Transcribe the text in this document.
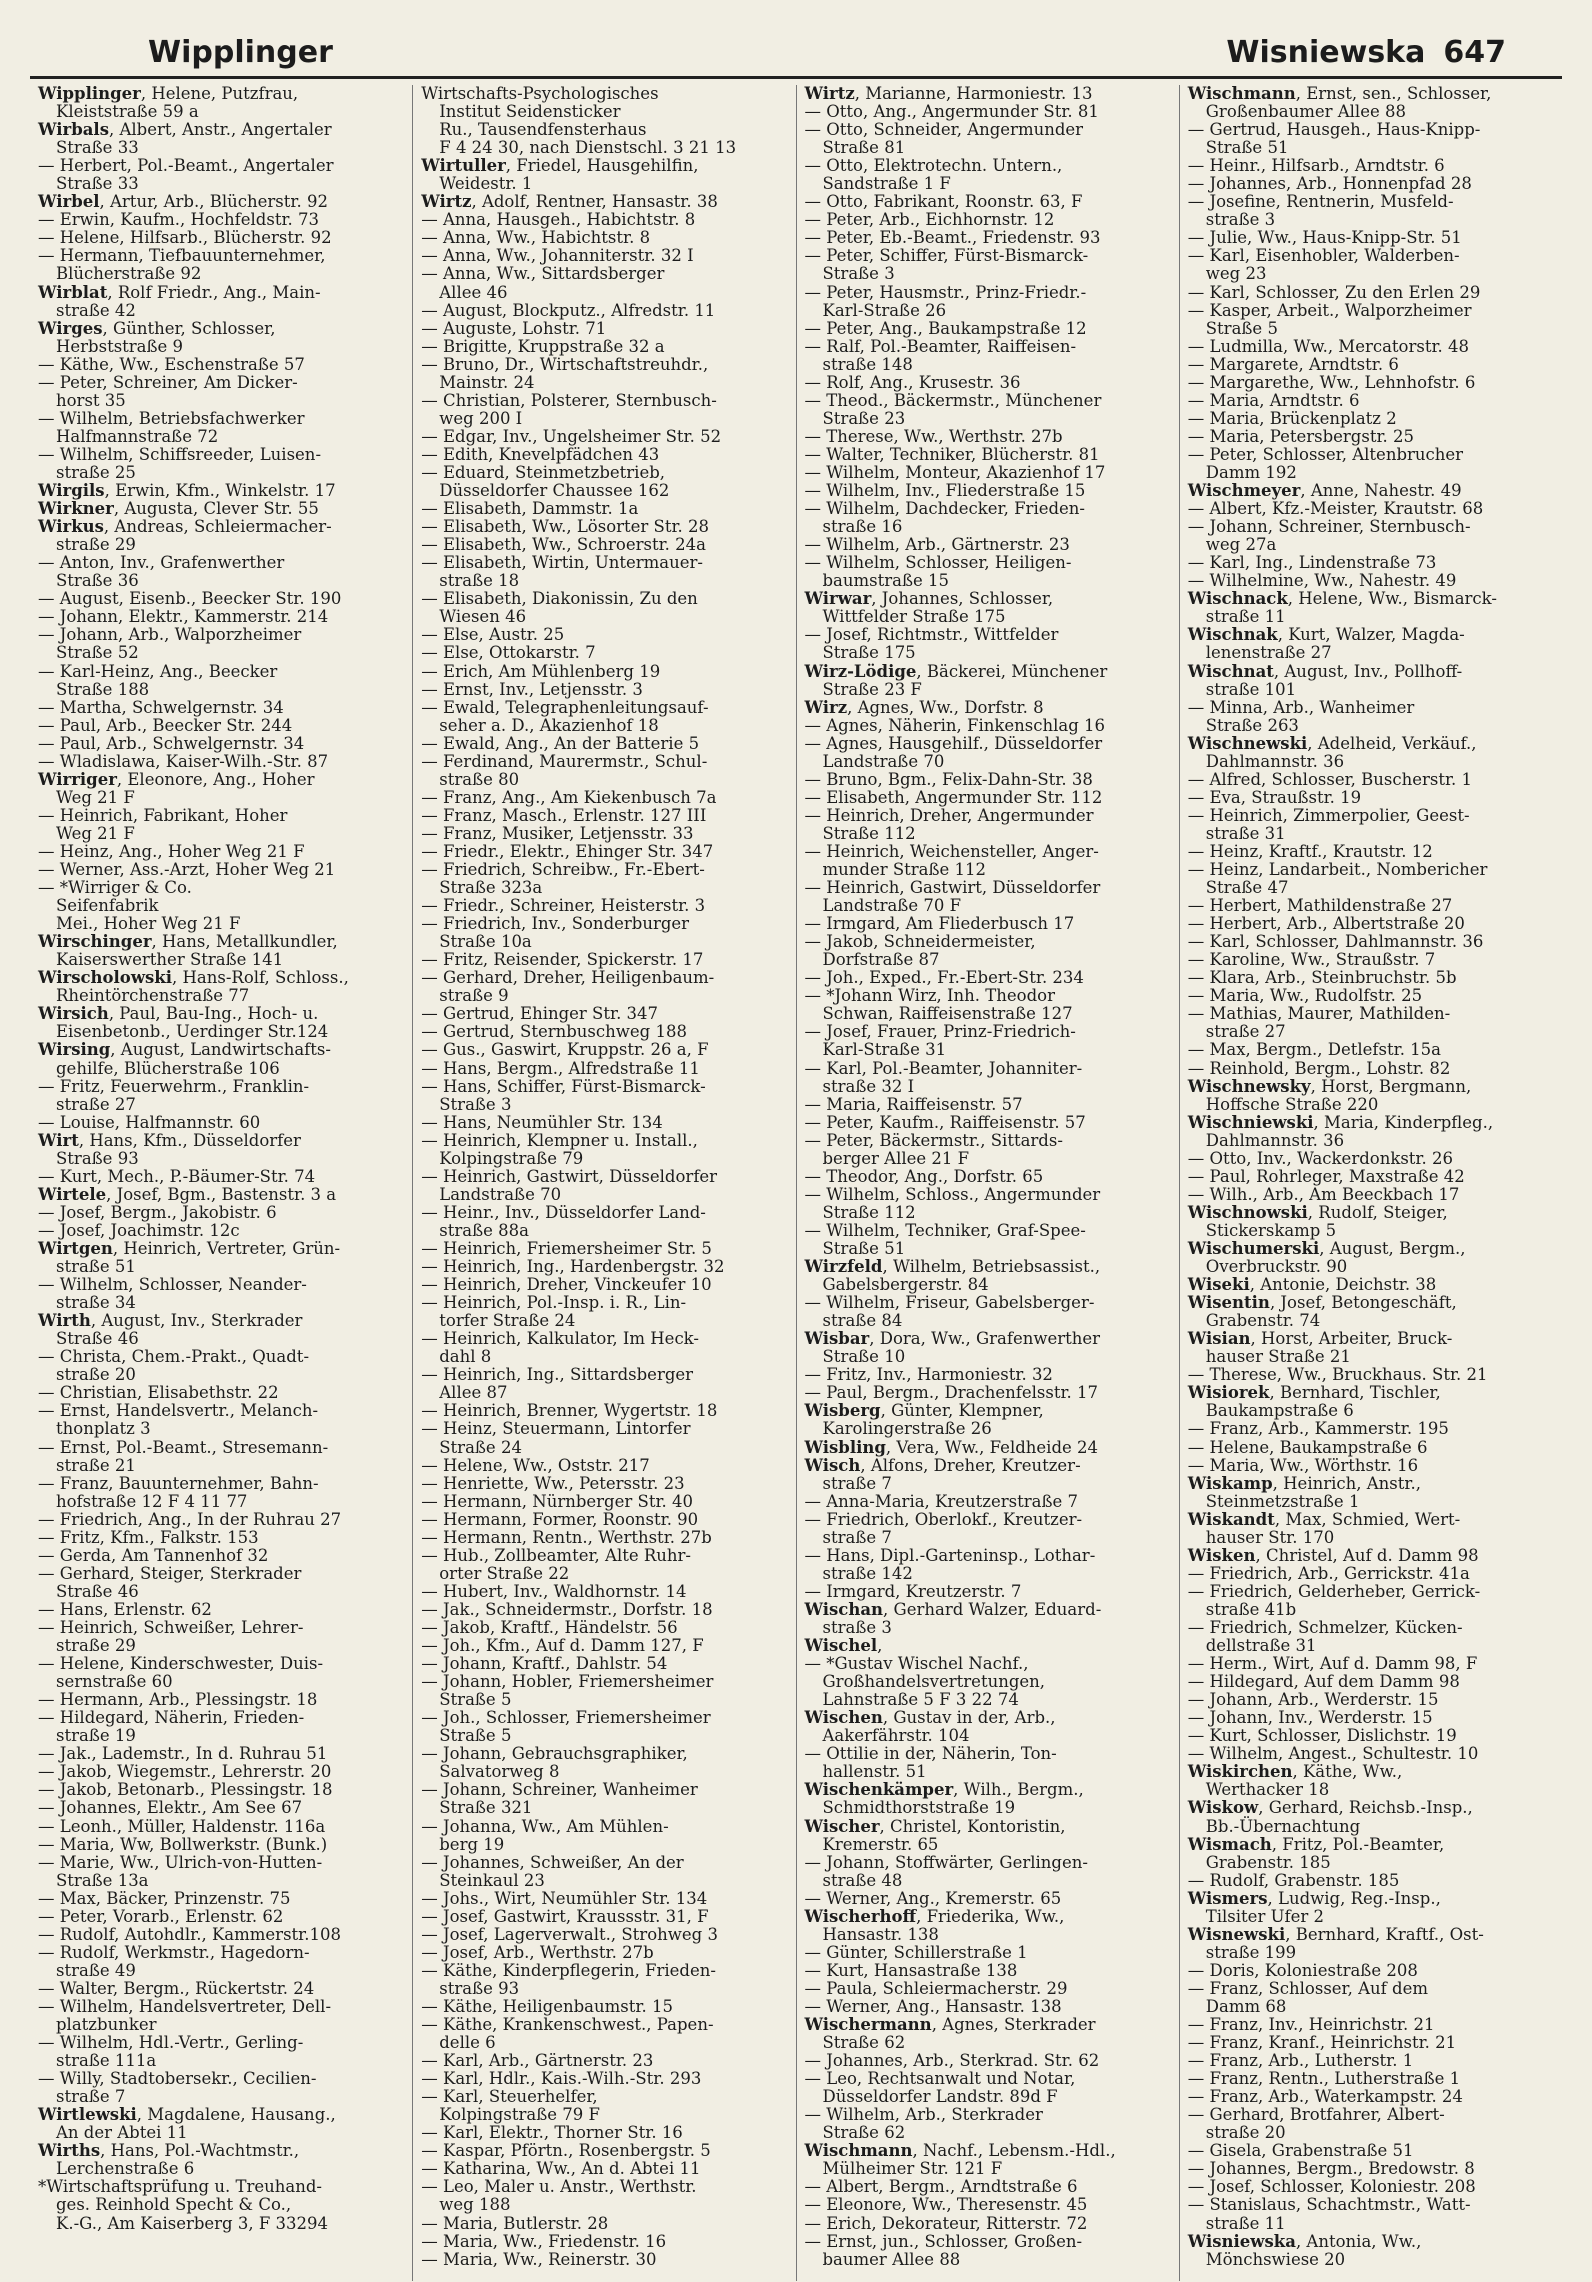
Wipplinger	Wisniewska 647
Wipplinger, Helene, Putzfrau,
Kleiststraße 59 a
Wirbals, Albert, Anstr., Angertaler
Straße 33
— Herbert, Pol.-Beamt., Angertaler
Straße 33
Wirbel, Artur, Arb., Blücherstr. 92
— Erwin, Kaufm., Hochfeldstr. 73
— Helene, Hilfsarb., Blücherstr. 92
— Hermann, Tiefbauunternehmer,
Blücherstraße 92
Wirblat, Rolf Friedr., Ang., Main-
straße 42
Wirges, Günther, Schlosser,
Herbststraße 9
— Käthe, Ww., Eschenstraße 57
— Peter, Schreiner, Am Dicker-
horst 35
— Wilhelm, Betriebsfachwerker
Halfmannstraße 72
— Wilhelm, Schiffsreeder, Luisen-
straße 25
Wirgils, Erwin, Kfm., Winkelstr. 17
Wirkner, Augusta, Clever Str. 55
Wirkus, Andreas, Schleiermacher-
straße 29
— Anton, Inv., Grafenwerther
Straße 36
— August, Eisenb., Beecker Str. 190
— Johann, Elektr., Kammerstr. 214
— Johann, Arb., Walporzheimer
Straße 52
— Karl-Heinz, Ang., Beecker
Straße 188
— Martha, Schwelgernstr. 34
— Paul, Arb., Beecker Str. 244
— Paul, Arb., Schwelgernstr. 34
— Wladislawa, Kaiser-Wilh.-Str. 87
Wirriger, Eleonore, Ang., Hoher
Weg 21 F
— Heinrich, Fabrikant, Hoher
Weg 21 F
— Heinz, Ang., Hoher Weg 21 F
— Werner, Ass.-Arzt, Hoher Weg 21
— *Wirriger & Co.
Seifenfabrik
Mei., Hoher Weg 21 F
Wirschinger, Hans, Metallkundler,
Kaiserswerther Straße 141
Wirscholowski, Hans-Rolf, Schloss.,
Rheintörchenstraße 77
Wirsich, Paul, Bau-Ing., Hoch- u.
Eisenbetonb., Uerdinger Str.124
Wirsing, August, Landwirtschafts-
gehilfe, Blücherstraße 106
— Fritz, Feuerwehrm., Franklin-
straße 27
— Louise, Halfmannstr. 60
Wirt, Hans, Kfm., Düsseldorfer
Straße 93
— Kurt, Mech., P.-Bäumer-Str. 74
Wirtele, Josef, Bgm., Bastenstr. 3 a
— Josef, Bergm., Jakobistr. 6
— Josef, Joachimstr. 12c
Wirtgen, Heinrich, Vertreter, Grün-
straße 51
— Wilhelm, Schlosser, Neander-
straße 34
Wirth, August, Inv., Sterkrader
Straße 46
— Christa, Chem.-Prakt., Quadt-
straße 20
— Christian, Elisabethstr. 22
— Ernst, Handelsvertr., Melanch-
thonplatz 3
— Ernst, Pol.-Beamt., Stresemann-
straße 21
— Franz, Bauunternehmer, Bahn-
hofstraße 12 F 4 11 77
— Friedrich, Ang., In der Ruhrau 27
— Fritz, Kfm., Falkstr. 153
— Gerda, Am Tannenhof 32
— Gerhard, Steiger, Sterkrader
Straße 46
— Hans, Erlenstr. 62
— Heinrich, Schweißer, Lehrer-
straße 29
— Helene, Kinderschwester, Duis-
sernstraße 60
— Hermann, Arb., Plessingstr. 18
— Hildegard, Näherin, Frieden-
straße 19
— Jak., Lademstr., In d. Ruhrau 51
— Jakob, Wiegemstr., Lehrerstr. 20
— Jakob, Betonarb., Plessingstr. 18
— Johannes, Elektr., Am See 67
— Leonh., Müller, Haldenstr. 116a
— Maria, Ww, Bollwerkstr. (Bunk.)
— Marie, Ww., Ulrich-von-Hutten-
Straße 13a
— Max, Bäcker, Prinzenstr. 75
— Peter, Vorarb., Erlenstr. 62
— Rudolf, Autohdlr., Kammerstr.108
— Rudolf, Werkmstr., Hagedorn-
straße 49
— Walter, Bergm., Rückertstr. 24
— Wilhelm, Handelsvertreter, Dell-
platzbunker
— Wilhelm, Hdl.-Vertr., Gerling-
straße 111a
— Willy, Stadtobersekr., Cecilien-
straße 7
Wirtlewski, Magdalene, Hausang.,
An der Abtei 11
Wirths, Hans, Pol.-Wachtmstr.,
Lerchenstraße 6
*Wirtschaftsprüfung u. Treuhand-
ges. Reinhold Specht & Co.,
K.-G., Am Kaiserberg 3, F 33294
Wirtschafts-Psychologisches
Institut Seidensticker
Ru., Tausendfensterhaus
F 4 24 30, nach Dienstschl. 3 21 13
Wirtuller, Friedel, Hausgehilfin,
Weidestr. 1
Wirtz, Adolf, Rentner, Hansastr. 38
— Anna, Hausgeh., Habichtstr. 8
— Anna, Ww., Habichtstr. 8
— Anna, Ww., Johanniterstr. 32 I
— Anna, Ww., Sittardsberger
Allee 46
— August, Blockputz., Alfredstr. 11
— Auguste, Lohstr. 71
— Brigitte, Kruppstraße 32 a
— Bruno, Dr., Wirtschaftstreuhdr.,
Mainstr. 24
— Christian, Polsterer, Sternbusch-
weg 200 I
— Edgar, Inv., Ungelsheimer Str. 52
— Edith, Knevelpfädchen 43
— Eduard, Steinmetzbetrieb,
Düsseldorfer Chaussee 162
— Elisabeth, Dammstr. 1a
— Elisabeth, Ww., Lösorter Str. 28
— Elisabeth, Ww., Schroerstr. 24a
— Elisabeth, Wirtin, Untermauer-
straße 18
— Elisabeth, Diakonissin, Zu den
Wiesen 46
— Else, Austr. 25
— Else, Ottokarstr. 7
— Erich, Am Mühlenberg 19
— Ernst, Inv., Letjensstr. 3
— Ewald, Telegraphenleitungsauf-
seher a. D., Akazienhof 18
— Ewald, Ang., An der Batterie 5
— Ferdinand, Maurermstr., Schul-
straße 80
— Franz, Ang., Am Kiekenbusch 7a
— Franz, Masch., Erlenstr. 127 III
— Franz, Musiker, Letjensstr. 33
— Friedr., Elektr., Ehinger Str. 347
— Friedrich, Schreibw., Fr.-Ebert-
Straße 323a
— Friedr., Schreiner, Heisterstr. 3
— Friedrich, Inv., Sonderburger
Straße 10a
— Fritz, Reisender, Spickerstr. 17
— Gerhard, Dreher, Heiligenbaum-
straße 9
— Gertrud, Ehinger Str. 347
— Gertrud, Sternbuschweg 188
— Gus., Gaswirt, Kruppstr. 26 a, F
— Hans, Bergm., Alfredstraße 11
— Hans, Schiffer, Fürst-Bismarck-
Straße 3
— Hans, Neumühler Str. 134
— Heinrich, Klempner u. Install.,
Kolpingstraße 79
— Heinrich, Gastwirt, Düsseldorfer
Landstraße 70
— Heinr., Inv., Düsseldorfer Land-
straße 88a
— Heinrich, Friemersheimer Str. 5
— Heinrich, Ing., Hardenbergstr. 32
— Heinrich, Dreher, Vinckeufer 10
— Heinrich, Pol.-Insp. i. R., Lin-
torfer Straße 24
— Heinrich, Kalkulator, Im Heck-
dahl 8
— Heinrich, Ing., Sittardsberger
Allee 87
— Heinrich, Brenner, Wygertstr. 18
— Heinz, Steuermann, Lintorfer
Straße 24
— Helene, Ww., Oststr. 217
— Henriette, Ww., Petersstr. 23
— Hermann, Nürnberger Str. 40
— Hermann, Former, Roonstr. 90
— Hermann, Rentn., Werthstr. 27b
— Hub., Zollbeamter, Alte Ruhr-
orter Straße 22
— Hubert, Inv., Waldhornstr. 14
— Jak., Schneidermstr., Dorfstr. 18
— Jakob, Kraftf., Händelstr. 56
— Joh., Kfm., Auf d. Damm 127, F
— Johann, Kraftf., Dahlstr. 54
— Johann, Hobler, Friemersheimer
Straße 5
— Joh., Schlosser, Friemersheimer
Straße 5
— Johann, Gebrauchsgraphiker,
Salvatorweg 8
— Johann, Schreiner, Wanheimer
Straße 321
— Johanna, Ww., Am Mühlen-
berg 19
— Johannes, Schweißer, An der
Steinkaul 23
— Johs., Wirt, Neumühler Str. 134
— Josef, Gastwirt, Kraussstr. 31, F
— Josef, Lagerverwalt., Strohweg 3
— Josef, Arb., Werthstr. 27b
— Käthe, Kinderpflegerin, Frieden-
straße 93
— Käthe, Heiligenbaumstr. 15
— Käthe, Krankenschwest., Papen-
delle 6
— Karl, Arb., Gärtnerstr. 23
— Karl, Hdlr., Kais.-Wilh.-Str. 293
— Karl, Steuerhelfer,
Kolpingstraße 79 F
— Karl, Elektr., Thorner Str. 16
— Kaspar, Pförtn., Rosenbergstr. 5
— Katharina, Ww., An d. Abtei 11
— Leo, Maler u. Anstr., Werthstr.
weg 188
— Maria, Butlerstr. 28
— Maria, Ww., Friedenstr. 16
— Maria, Ww., Reinerstr. 30
Wirtz, Marianne, Harmoniestr. 13
— Otto, Ang., Angermunder Str. 81
— Otto, Schneider, Angermunder
Straße 81
— Otto, Elektrotechn. Untern.,
Sandstraße 1 F
— Otto, Fabrikant, Roonstr. 63, F
— Peter, Arb., Eichhornstr. 12
— Peter, Eb.-Beamt., Friedenstr. 93
— Peter, Schiffer, Fürst-Bismarck-
Straße 3
— Peter, Hausmstr., Prinz-Friedr.-
Karl-Straße 26
— Peter, Ang., Baukampstraße 12
— Ralf, Pol.-Beamter, Raiffeisen-
straße 148
— Rolf, Ang., Krusestr. 36
— Theod., Bäckermstr., Münchener
Straße 23
— Therese, Ww., Werthstr. 27b
— Walter, Techniker, Blücherstr. 81
— Wilhelm, Monteur, Akazienhof 17
— Wilhelm, Inv., Fliederstraße 15
— Wilhelm, Dachdecker, Frieden-
straße 16
— Wilhelm, Arb., Gärtnerstr. 23
— Wilhelm, Schlosser, Heiligen-
baumstraße 15
Wirwar, Johannes, Schlosser,
Wittfelder Straße 175
— Josef, Richtmstr., Wittfelder
Straße 175
Wirz-Lödige, Bäckerei, Münchener
Straße 23 F
Wirz, Agnes, Ww., Dorfstr. 8
— Agnes, Näherin, Finkenschlag 16
— Agnes, Hausgehilf., Düsseldorfer
Landstraße 70
— Bruno, Bgm., Felix-Dahn-Str. 38
— Elisabeth, Angermunder Str. 112
— Heinrich, Dreher, Angermunder
Straße 112
— Heinrich, Weichensteller, Anger-
munder Straße 112
— Heinrich, Gastwirt, Düsseldorfer
Landstraße 70 F
— Irmgard, Am Fliederbusch 17
— Jakob, Schneidermeister,
Dorfstraße 87
— Joh., Exped., Fr.-Ebert-Str. 234
— *Johann Wirz, Inh. Theodor
Schwan, Raiffeisenstraße 127
— Josef, Frauer, Prinz-Friedrich-
Karl-Straße 31
— Karl, Pol.-Beamter, Johanniter-
straße 32 I
— Maria, Raiffeisenstr. 57
— Peter, Kaufm., Raiffeisenstr. 57
— Peter, Bäckermstr., Sittards-
berger Allee 21 F
— Theodor, Ang., Dorfstr. 65
— Wilhelm, Schloss., Angermunder
Straße 112
— Wilhelm, Techniker, Graf-Spee-
Straße 51
Wirzfeld, Wilhelm, Betriebsassist.,
Gabelsbergerstr. 84
— Wilhelm, Friseur, Gabelsberger-
straße 84
Wisbar, Dora, Ww., Grafenwerther
Straße 10
— Fritz, Inv., Harmoniestr. 32
— Paul, Bergm., Drachenfelsstr. 17
Wisberg, Günter, Klempner,
Karolingerstraße 26
Wisbling, Vera, Ww., Feldheide 24
Wisch, Alfons, Dreher, Kreutzer-
straße 7
— Anna-Maria, Kreutzerstraße 7
— Friedrich, Oberlokf., Kreutzer-
straße 7
— Hans, Dipl.-Garteninsp., Lothar-
straße 142
— Irmgard, Kreutzerstr. 7
Wischan, Gerhard Walzer, Eduard-
straße 3
Wischel,
— *Gustav Wischel Nachf.,
Großhandelsvertretungen,
Lahnstraße 5 F 3 22 74
Wischen, Gustav in der, Arb.,
Aakerfährstr. 104
— Ottilie in der, Näherin, Ton-
hallenstr. 51
Wischenkämper, Wilh., Bergm.,
Schmidthorststraße 19
Wischer, Christel, Kontoristin,
Kremerstr. 65
— Johann, Stoffwärter, Gerlingen-
straße 48
— Werner, Ang., Kremerstr. 65
Wischerhoff, Friederika, Ww.,
Hansastr. 138
— Günter, Schillerstraße 1
— Kurt, Hansastraße 138
— Paula, Schleiermacherstr. 29
— Werner, Ang., Hansastr. 138
Wischermann, Agnes, Sterkrader
Straße 62
— Johannes, Arb., Sterkrad. Str. 62
— Leo, Rechtsanwalt und Notar,
Düsseldorfer Landstr. 89d F
— Wilhelm, Arb., Sterkrader
Straße 62
Wischmann, Nachf., Lebensm.-Hdl.,
Mülheimer Str. 121 F
— Albert, Bergm., Arndtstraße 6
— Eleonore, Ww., Theresenstr. 45
— Erich, Dekorateur, Ritterstr. 72
— Ernst, jun., Schlosser, Großen-
baumer Allee 88
Wischmann, Ernst, sen., Schlosser,
Großenbaumer Allee 88
— Gertrud, Hausgeh., Haus-Knipp-
Straße 51
— Heinr., Hilfsarb., Arndtstr. 6
— Johannes, Arb., Honnenpfad 28
— Josefine, Rentnerin, Musfeld-
straße 3
— Julie, Ww., Haus-Knipp-Str. 51
— Karl, Eisenhobler, Walderben-
weg 23
— Karl, Schlosser, Zu den Erlen 29
— Kasper, Arbeit., Walporzheimer
Straße 5
— Ludmilla, Ww., Mercatorstr. 48
— Margarete, Arndtstr. 6
— Margarethe, Ww., Lehnhofstr. 6
— Maria, Arndtstr. 6
— Maria, Brückenplatz 2
— Maria, Petersbergstr. 25
— Peter, Schlosser, Altenbrucher
Damm 192
Wischmeyer, Anne, Nahestr. 49
— Albert, Kfz.-Meister, Krautstr. 68
— Johann, Schreiner, Sternbusch-
weg 27a
— Karl, Ing., Lindenstraße 73
— Wilhelmine, Ww., Nahestr. 49
Wischnack, Helene, Ww., Bismarck-
straße 11
Wischnak, Kurt, Walzer, Magda-
lenenstraße 27
Wischnat, August, Inv., Pollhoff-
straße 101
— Minna, Arb., Wanheimer
Straße 263
Wischnewski, Adelheid, Verkäuf.,
Dahlmannstr. 36
— Alfred, Schlosser, Buscherstr. 1
— Eva, Straußstr. 19
— Heinrich, Zimmerpolier, Geest-
straße 31
— Heinz, Kraftf., Krautstr. 12
— Heinz, Landarbeit., Nombericher
Straße 47
— Herbert, Mathildenstraße 27
— Herbert, Arb., Albertstraße 20
— Karl, Schlosser, Dahlmannstr. 36
— Karoline, Ww., Straußstr. 7
— Klara, Arb., Steinbruchstr. 5b
— Maria, Ww., Rudolfstr. 25
— Mathias, Maurer, Mathilden-
straße 27
— Max, Bergm., Detlefstr. 15a
— Reinhold, Bergm., Lohstr. 82
Wischnewsky, Horst, Bergmann,
Hoffsche Straße 220
Wischniewski, Maria, Kinderpfleg.,
Dahlmannstr. 36
— Otto, Inv., Wackerdonkstr. 26
— Paul, Rohrleger, Maxstraße 42
— Wilh., Arb., Am Beeckbach 17
Wischnowski, Rudolf, Steiger,
Stickerskamp 5
Wischumerski, August, Bergm.,
Overbruckstr. 90
Wiseki, Antonie, Deichstr. 38
Wisentin, Josef, Betongeschäft,
Grabenstr. 74
Wisian, Horst, Arbeiter, Bruck-
hauser Straße 21
— Therese, Ww., Bruckhaus. Str. 21
Wisiorek, Bernhard, Tischler,
Baukampstraße 6
— Franz, Arb., Kammerstr. 195
— Helene, Baukampstraße 6
— Maria, Ww., Wörthstr. 16
Wiskamp, Heinrich, Anstr.,
Steinmetzstraße 1
Wiskandt, Max, Schmied, Wert-
hauser Str. 170
Wisken, Christel, Auf d. Damm 98
— Friedrich, Arb., Gerrickstr. 41a
— Friedrich, Gelderheber, Gerrick-
straße 41b
— Friedrich, Schmelzer, Kücken-
dellstraße 31
— Herm., Wirt, Auf d. Damm 98, F
— Hildegard, Auf dem Damm 98
— Johann, Arb., Werderstr. 15
— Johann, Inv., Werderstr. 15
— Kurt, Schlosser, Dislichstr. 19
— Wilhelm, Angest., Schultestr. 10
Wiskirchen, Käthe, Ww.,
Werthacker 18
Wiskow, Gerhard, Reichsb.-Insp.,
Bb.-Übernachtung
Wismach, Fritz, Pol.-Beamter,
Grabenstr. 185
— Rudolf, Grabenstr. 185
Wismers, Ludwig, Reg.-Insp.,
Tilsiter Ufer 2
Wisnewski, Bernhard, Kraftf., Ost-
straße 199
— Doris, Koloniestraße 208
— Franz, Schlosser, Auf dem
Damm 68
— Franz, Inv., Heinrichstr. 21
— Franz, Kranf., Heinrichstr. 21
— Franz, Arb., Lutherstr. 1
— Franz, Rentn., Lutherstraße 1
— Franz, Arb., Waterkampstr. 24
— Gerhard, Brotfahrer, Albert-
straße 20
— Gisela, Grabenstraße 51
— Johannes, Bergm., Bredowstr. 8
— Josef, Schlosser, Koloniestr. 208
— Stanislaus, Schachtmstr., Watt-
straße 11
Wisniewska, Antonia, Ww.,
Mönchswiese 20
